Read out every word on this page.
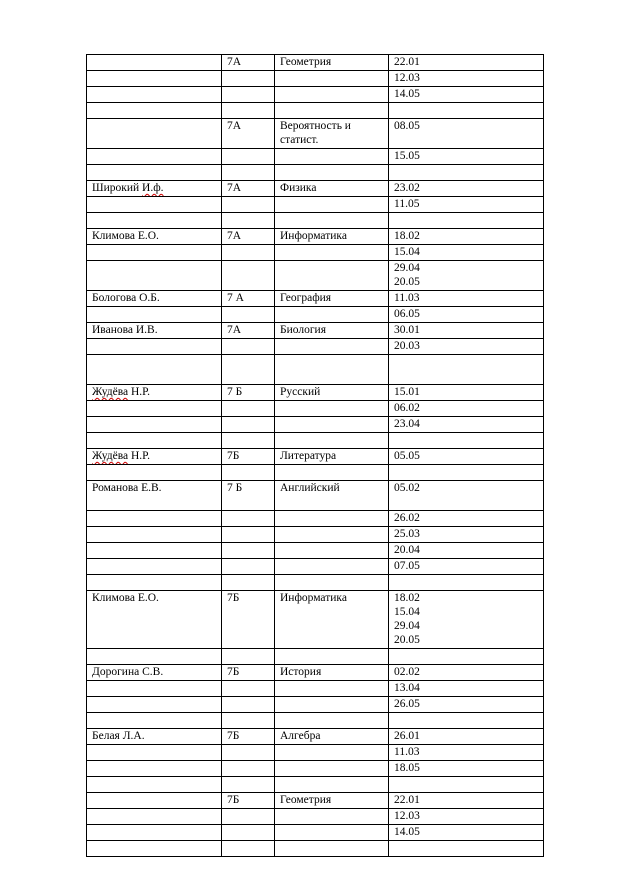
	7А	Геометрия	22.01
			12.03
			14.05

	7А	Вероятность и статист.	08.05
			15.05

Широкий И.ф.	7А	Физика	23.02
			11.05

Климова Е.О.	7А	Информатика	18.02
			15.04
			29.04
20.05
Бологова О.Б.	7 А	География	11.03
			06.05
Иванова И.В.	7А	Биология	30.01
			20.03

Жудёва Н.Р.	7 Б	Русский	15.01
			06.02
			23.04

Жудёва Н.Р.	7Б	Литература	05.05

Романова Е.В.	7 Б	Английский	05.02
			26.02
			25.03
			20.04
			07.05

Климова Е.О.	7Б	Информатика	18.02
15.04
29.04
20.05

Дорогина С.В.	7Б	История	02.02
			13.04
			26.05

Белая Л.А.	7Б	Алгебра	26.01
			11.03
			18.05

	7Б	Геометрия	22.01
			12.03
			14.05
